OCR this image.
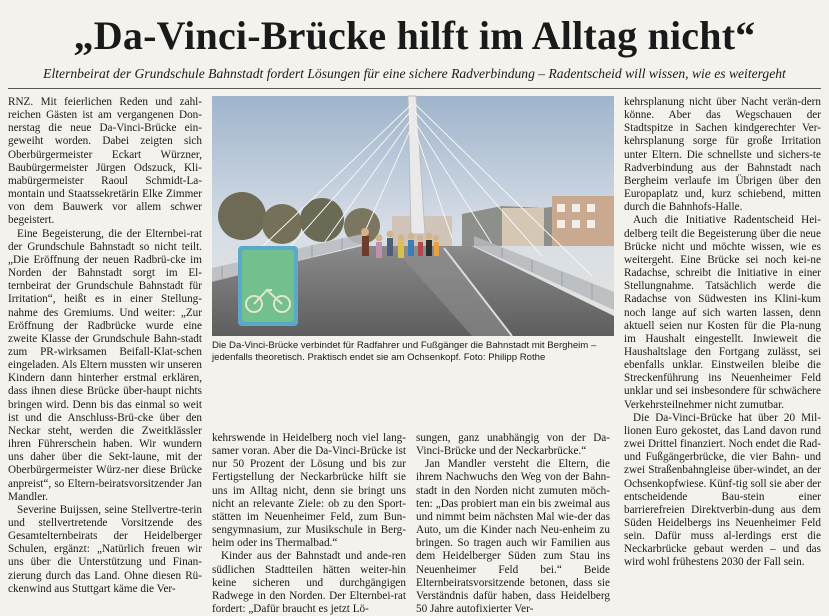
„Da-Vinci-Brücke hilft im Alltag nicht“

Elternbeirat der Grundschule Bahnstadt fordert Lösungen für eine sichere Radverbindung – Radentscheid will wissen, wie es weitergeht

RNZ. Mit feierlichen Reden und zahl-reichen Gästen ist am vergangenen Don-nerstag die neue Da-Vinci-Brücke ein-geweiht worden. Dabei zeigten sich Oberbürgermeister Eckart Würzner, Baubürgermeister Jürgen Odszuck, Kli-mabürgermeister Raoul Schmidt-La-montain und Staatssekretärin Elke Zimmer von dem Bauwerk vor allem schwer begeistert.

Eine Begeisterung, die der Elternbei-rat der Grundschule Bahnstadt so nicht teilt. „Die Eröffnung der neuen Radbrü-cke im Norden der Bahnstadt sorgt im El-ternbeirat der Grundschule Bahnstadt für Irritation“, heißt es in einer Stellung-nahme des Gremiums. Und weiter: „Zur Eröffnung der Radbrücke wurde eine zweite Klasse der Grundschule Bahn-stadt zum PR-wirksamen Beifall-Klat-schen eingeladen. Als Eltern mussten wir unseren Kindern dann hinterher erstmal erklären, dass ihnen diese Brücke über-haupt nichts bringen wird. Denn bis das einmal so weit ist und die Anschluss-Brü-cke über den Neckar steht, werden die Zweitklässler ihren Führerschein haben. Wir wundern uns daher über die Sekt-laune, mit der Oberbürgermeister Würz-ner diese Brücke anpreist“, so Eltern-beiratsvorsitzender Jan Mandler.

Severine Buijssen, seine Stellvertre-terin und stellvertretende Vorsitzende des Gesamtelternbeirats der Heidelberger Schulen, ergänzt: „Natürlich freuen wir uns über die Unterstützung und Finan-zierung durch das Land. Ohne diesen Rü-ckenwind aus Stuttgart käme die Ver-

Die Da-Vinci-Brücke verbindet für Radfahrer und Fußgänger die Bahnstadt mit Bergheim – jedenfalls theoretisch. Praktisch endet sie am Ochsenkopf. Foto: Philipp Rothe

kehrswende in Heidelberg noch viel lang-samer voran. Aber die Da-Vinci-Brücke ist nur 50 Prozent der Lösung und bis zur Fertigstellung der Neckarbrücke hilft sie uns im Alltag nicht, denn sie bringt uns nicht an relevante Ziele: ob zu den Sport-stätten im Neuenheimer Feld, zum Bun-sengymnasium, zur Musikschule in Berg-heim oder ins Thermalbad.“

Kinder aus der Bahnstadt und ande-ren südlichen Stadtteilen hätten weiter-hin keine sicheren und durchgängigen Radwege in den Norden. Der Elternbei-rat fordert: „Dafür braucht es jetzt Lö-

sungen, ganz unabhängig von der Da-Vinci-Brücke und der Neckarbrücke.“

Jan Mandler versteht die Eltern, die ihrem Nachwuchs den Weg von der Bahn-stadt in den Norden nicht zumuten möch-ten: „Das probiert man ein bis zweimal aus und nimmt beim nächsten Mal wie-der das Auto, um die Kinder nach Neu-enheim zu bringen. So tragen auch wir Familien aus dem Heidelberger Süden zum Stau ins Neuenheimer Feld bei.“ Beide Elternbeiratsvorsitzende betonen, dass sie Verständnis dafür haben, dass Heidelberg 50 Jahre autofixierter Ver-

kehrsplanung nicht über Nacht verän-dern könne. Aber das Wegschauen der Stadtspitze in Sachen kindgerechter Ver-kehrsplanung sorge für große Irritation unter Eltern. Die schnellste und sichers-te Radverbindung aus der Bahnstadt nach Bergheim verlaufe im Übrigen über den Europaplatz und, kurz schiebend, mitten durch die Bahnhofs-Halle.

Auch die Initiative Radentscheid Hei-delberg teilt die Begeisterung über die neue Brücke nicht und möchte wissen, wie es weitergeht. Eine Brücke sei noch kei-ne Radachse, schreibt die Initiative in einer Stellungnahme. Tatsächlich werde die Radachse von Südwesten ins Klini-kum noch lange auf sich warten lassen, denn aktuell seien nur Kosten für die Pla-nung im Haushalt eingestellt. Inwieweit die Haushaltslage den Fortgang zulässt, sei ebenfalls unklar. Einstweilen bleibe die Streckenführung ins Neuenheimer Feld unklar und sei insbesondere für schwächere Verkehrsteilnehmer nicht zumutbar.

Die Da-Vinci-Brücke hat über 20 Mil-lionen Euro gekostet, das Land davon rund zwei Drittel finanziert. Noch endet die Rad- und Fußgängerbrücke, die vier Bahn- und zwei Straßenbahngleise über-windet, an der Ochsenkopfwiese. Künf-tig soll sie aber der entscheidende Bau-stein einer barrierefreien Direktverbin-dung aus dem Süden Heidelbergs ins Neuenheimer Feld sein. Dafür muss al-lerdings erst die Neckarbrücke gebaut werden – und das wird wohl frühestens 2030 der Fall sein.
